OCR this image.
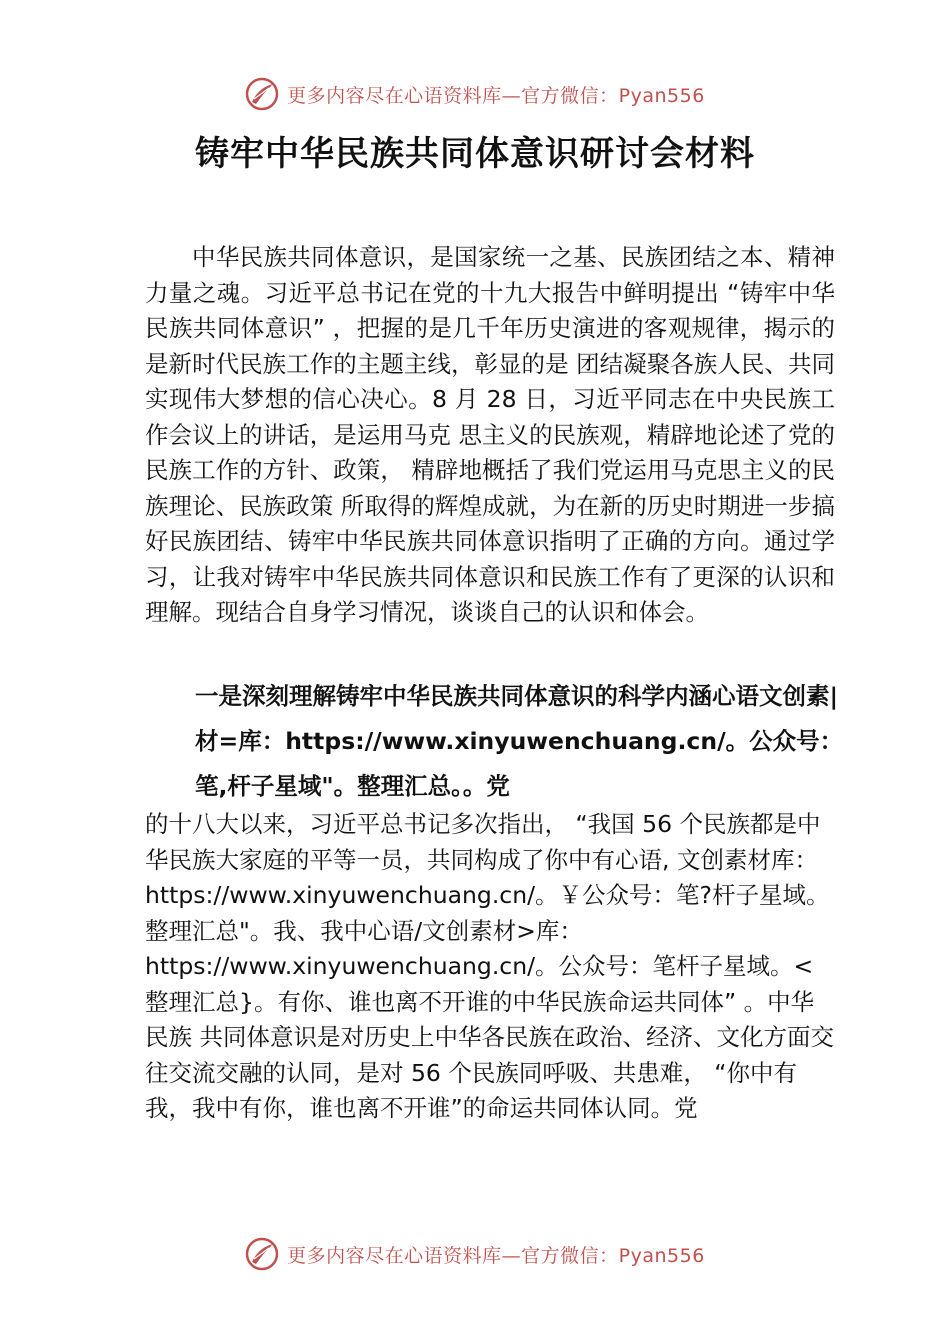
更多内容尽在心语资料库—官方微信：Pyan556
铸牢中华民族共同体意识研讨会材料

中华民族共同体意识，是国家统一之基、民族团结之本、精神力量之魂。习近平总书记在党的十九大报告中鲜明提出 “铸牢中华民族共同体意识” ，把握的是几千年历史演进的客观规律，揭示的是新时代民族工作的主题主线，彰显的是 团结凝聚各族人民、共同实现伟大梦想的信心决心。8 月 28 日，习近平同志在中央民族工作会议上的讲话，是运用马克 思主义的民族观，精辟地论述了党的民族工作的方针、政策， 精辟地概括了我们党运用马克思主义的民族理论、民族政策 所取得的辉煌成就，为在新的历史时期进一步搞好民族团结、铸牢中华民族共同体意识指明了正确的方向。通过学习，让我对铸牢中华民族共同体意识和民族工作有了更深的认识和理解。现结合自身学习情况，谈谈自己的认识和体会。

一是深刻理解铸牢中华民族共同体意识的科学内涵心语文创素|材=库：https://www.xinyuwenchuang.cn/。公众号：笔,杆子星域"。整理汇总。。党

的十八大以来，习近平总书记多次指出， “我国 56 个民族都是中华民族大家庭的平等一员，共同构成了你中有心语, 文创素材库： https://www.xinyuwenchuang.cn/。￥公众号：笔?杆子星域。整理汇总"。我、我中心语/文创素材>库：https://www.xinyuwenchuang.cn/。公众号：笔杆子星域。<整理汇总}。有你、谁也离不开谁的中华民族命运共同体” 。中华民族 共同体意识是对历史上中华各民族在政治、经济、文化方面交往交流交融的认同，是对 56 个民族同呼吸、共患难， “你中有我，我中有你，谁也离不开谁”的命运共同体认同。党

更多内容尽在心语资料库—官方微信：Pyan556
